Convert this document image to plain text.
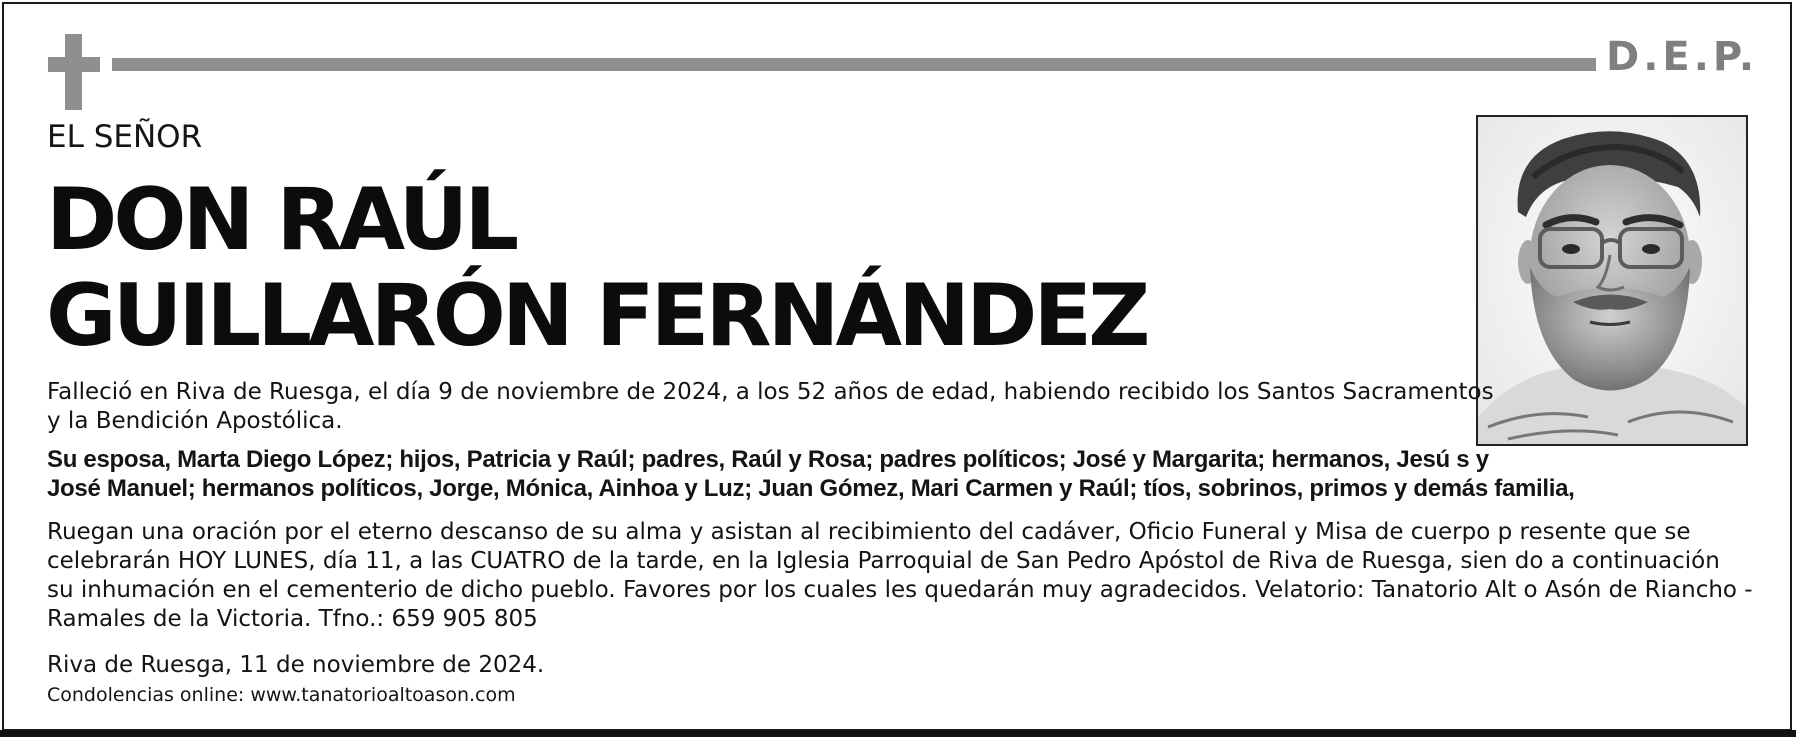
D.E.P.
EL SEÑOR
DON RAÚL
GUILLARÓN FERNÁNDEZ
Falleció en Riva de Ruesga, el día 9 de noviembre de 2024, a los 52 años de edad, habiendo recibido los Santos Sacramentos
y la Bendición Apostólica.
Su esposa, Marta Diego López; hijos, Patricia y Raúl; padres, Raúl y Rosa; padres políticos; José y Margarita; hermanos, Jesú s y
José Manuel; hermanos políticos, Jorge, Mónica, Ainhoa y Luz; Juan Gómez, Mari Carmen y Raúl; tíos, sobrinos, primos y demás familia,
Ruegan una oración por el eterno descanso de su alma y asistan al recibimiento del cadáver, Oficio Funeral y Misa de cuerpo p resente que se
celebrarán HOY LUNES, día 11, a las CUATRO de la tarde, en la Iglesia Parroquial de San Pedro Apóstol de Riva de Ruesga, sien do a continuación
su inhumación en el cementerio de dicho pueblo. Favores por los cuales les quedarán muy agradecidos. Velatorio: Tanatorio Alt o Asón de Riancho -
Ramales de la Victoria. Tfno.: 659 905 805
Riva de Ruesga, 11 de noviembre de 2024.
Condolencias online: www.tanatorioaltoason.com
